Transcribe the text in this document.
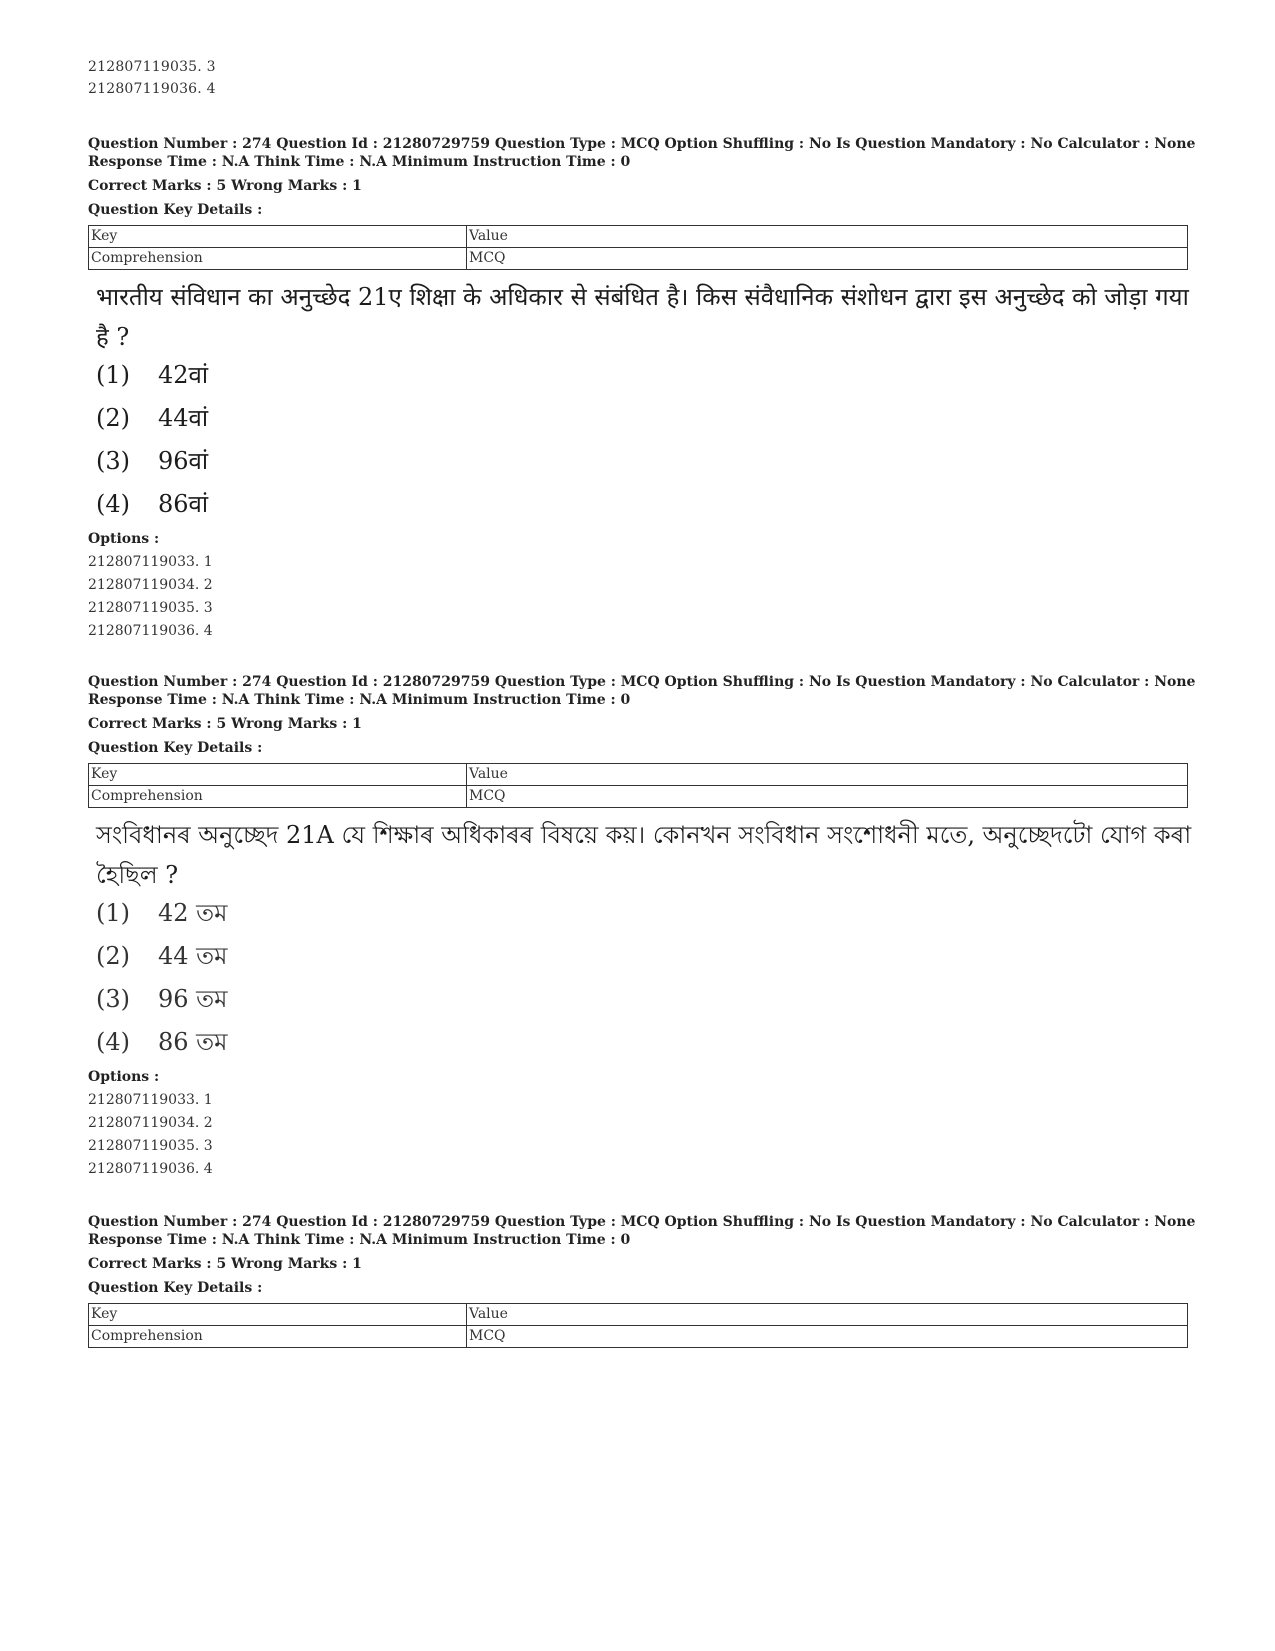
212807119035. 3
212807119036. 4
Question Number : 274 Question Id : 21280729759 Question Type : MCQ Option Shuffling : No Is Question Mandatory : No Calculator : None
Response Time : N.A Think Time : N.A Minimum Instruction Time : 0
Correct Marks : 5 Wrong Marks : 1
Question Key Details :
Key	Value
Comprehension	MCQ
भारतीय संविधान का अनुच्छेद 21ए शिक्षा के अधिकार से संबंधित है। किस संवैधानिक संशोधन द्वारा इस अनुच्छेद को जोड़ा गया है ?
(1) 42वां
(2) 44वां
(3) 96वां
(4) 86वां
Options :
212807119033. 1
212807119034. 2
212807119035. 3
212807119036. 4
Question Number : 274 Question Id : 21280729759 Question Type : MCQ Option Shuffling : No Is Question Mandatory : No Calculator : None
Response Time : N.A Think Time : N.A Minimum Instruction Time : 0
Correct Marks : 5 Wrong Marks : 1
Question Key Details :
Key	Value
Comprehension	MCQ
সংবিধানৰ অনুচ্ছেদ 21A যে শিক্ষাৰ অধিকাৰৰ বিষয়ে কয়। কোনখন সংবিধান সংশোধনী মতে, অনুচ্ছেদটো যোগ কৰা হৈছিল ?
(1) 42 তম
(2) 44 তম
(3) 96 তম
(4) 86 তম
Options :
212807119033. 1
212807119034. 2
212807119035. 3
212807119036. 4
Question Number : 274 Question Id : 21280729759 Question Type : MCQ Option Shuffling : No Is Question Mandatory : No Calculator : None
Response Time : N.A Think Time : N.A Minimum Instruction Time : 0
Correct Marks : 5 Wrong Marks : 1
Question Key Details :
Key	Value
Comprehension	MCQ
